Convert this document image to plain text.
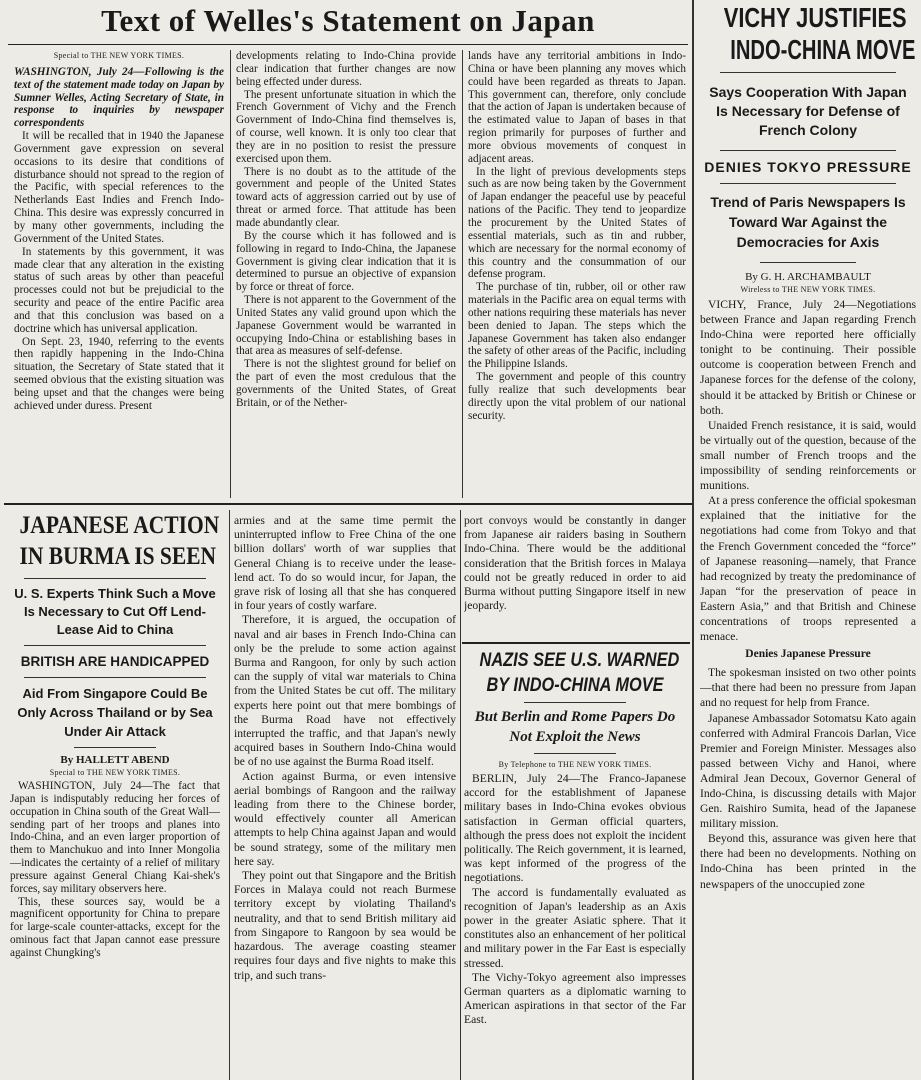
Text of Welles's Statement on Japan
Special to THE NEW YORK TIMES.

WASHINGTON, July 24—Following is the text of the statement made today on Japan by Sumner Welles, Acting Secretary of State, in response to inquiries by newspaper correspondents

It will be recalled that in 1940 the Japanese Government gave expression on several occasions to its desire that conditions of disturbance should not spread to the region of the Pacific, with special references to the Netherlands East Indies and French Indo-China. This desire was expressly concurred in by many other governments, including the Government of the United States.

In statements by this government, it was made clear that any alteration in the existing status of such areas by other than peaceful processes could not but be prejudicial to the security and peace of the entire Pacific area and that this conclusion was based on a doctrine which has universal application.

On Sept. 23, 1940, referring to the events then rapidly happening in the Indo-China situation, the Secretary of State stated that it seemed obvious that the existing situation was being upset and that the changes were being achieved under duress. Present

developments relating to Indo-China provide clear indication that further changes are now being effected under duress.

The present unfortunate situation in which the French Government of Vichy and the French Government of Indo-China find themselves is, of course, well known. It is only too clear that they are in no position to resist the pressure exercised upon them.

There is no doubt as to the attitude of the government and people of the United States toward acts of aggression carried out by use of threat or armed force. That attitude has been made abundantly clear.

By the course which it has followed and is following in regard to Indo-China, the Japanese Government is giving clear indication that it is determined to pursue an objective of expansion by force or threat of force.

There is not apparent to the Government of the United States any valid ground upon which the Japanese Government would be warranted in occupying Indo-China or establishing bases in that area as measures of self-defense.

There is not the slightest ground for belief on the part of even the most credulous that the governments of the United States, of Great Britain, or of the Nether-

lands have any territorial ambitions in Indo-China or have been planning any moves which could have been regarded as threats to Japan. This government can, therefore, only conclude that the action of Japan is undertaken because of the estimated value to Japan of bases in that region primarily for purposes of further and more obvious movements of conquest in adjacent areas.

In the light of previous developments steps such as are now being taken by the Government of Japan endanger the peaceful use by peaceful nations of the Pacific. They tend to jeopardize the procurement by the United States of essential materials, such as tin and rubber, which are necessary for the normal economy of this country and the consummation of our defense program.

The purchase of tin, rubber, oil or other raw materials in the Pacific area on equal terms with other nations requiring these materials has never been denied to Japan. The steps which the Japanese Government has taken also endanger the safety of other areas of the Pacific, including the Philippine Islands.

The government and people of this country fully realize that such developments bear directly upon the vital problem of our national security.

VICHY JUSTIFIES
INDO-CHINA MOVE
Says Cooperation With Japan Is Necessary for Defense of French Colony
DENIES TOKYO PRESSURE
Trend of Paris Newspapers Is Toward War Against the Democracies for Axis
By G. H. ARCHAMBAULT
Wireless to THE NEW YORK TIMES.

VICHY, France, July 24—Negotiations between France and Japan regarding French Indo-China were reported here officially tonight to be continuing. Their possible outcome is cooperation between French and Japanese forces for the defense of the colony, should it be attacked by British or Chinese or both.

Unaided French resistance, it is said, would be virtually out of the question, because of the small number of French troops and the impossibility of sending reinforcements or munitions.

At a press conference the official spokesman explained that the initiative for the negotiations had come from Tokyo and that the French Government conceded the “force” of Japanese reasoning—namely, that France had recognized by treaty the predominance of Japan “for the preservation of peace in Eastern Asia,” and that British and Chinese concentrations of troops represented a menace.

Denies Japanese Pressure

The spokesman insisted on two other points—that there had been no pressure from Japan and no request for help from France.

Japanese Ambassador Sotomatsu Kato again conferred with Admiral Francois Darlan, Vice Premier and Foreign Minister. Messages also passed between Vichy and Hanoi, where Admiral Jean Decoux, Governor General of Indo-China, is discussing details with Major Gen. Raishiro Sumita, head of the Japanese military mission.

Beyond this, assurance was given here that there had been no developments. Nothing on Indo-China has been printed in the newspapers of the unoccupied zone

JAPANESE ACTION
IN BURMA IS SEEN
U. S. Experts Think Such a Move Is Necessary to Cut Off Lend-Lease Aid to China
BRITISH ARE HANDICAPPED
Aid From Singapore Could Be Only Across Thailand or by Sea Under Air Attack
By HALLETT ABEND
Special to THE NEW YORK TIMES.

WASHINGTON, July 24—The fact that Japan is indisputably reducing her forces of occupation in China south of the Great Wall—sending part of her troops and planes into Indo-China, and an even larger proportion of them to Manchukuo and into Inner Mongolia—indicates the certainty of a relief of military pressure against General Chiang Kai-shek's forces, say military observers here.

This, these sources say, would be a magnificent opportunity for China to prepare for large-scale counter-attacks, except for the ominous fact that Japan cannot ease pressure against Chungking's

armies and at the same time permit the uninterrupted inflow to Free China of the one billion dollars' worth of war supplies that General Chiang is to receive under the lease-lend act. To do so would incur, for Japan, the grave risk of losing all that she has conquered in four years of costly warfare.

Therefore, it is argued, the occupation of naval and air bases in French Indo-China can only be the prelude to some action against Burma and Rangoon, for only by such action can the supply of vital war materials to China from the United States be cut off. The military experts here point out that mere bombings of the Burma Road have not effectively interrupted the traffic, and that Japan's newly acquired bases in Southern Indo-China would be of no use against the Burma Road itself.

Action against Burma, or even intensive aerial bombings of Rangoon and the railway leading from there to the Chinese border, would effectively counter all American attempts to help China against Japan and would be sound strategy, some of the military men here say.

They point out that Singapore and the British Forces in Malaya could not reach Burmese territory except by violating Thailand's neutrality, and that to send British military aid from Singapore to Rangoon by sea would be hazardous. The average coasting steamer requires four days and five nights to make this trip, and such trans-

port convoys would be constantly in danger from Japanese air raiders basing in Southern Indo-China. There would be the additional consideration that the British forces in Malaya could not be greatly reduced in order to aid Burma without putting Singapore itself in new jeopardy.

NAZIS SEE U.S. WARNED
BY INDO-CHINA MOVE
But Berlin and Rome Papers Do Not Exploit the News
By Telephone to THE NEW YORK TIMES.

BERLIN, July 24—The Franco-Japanese accord for the establishment of Japanese military bases in Indo-China evokes obvious satisfaction in German official quarters, although the press does not exploit the incident politically. The Reich government, it is learned, was kept informed of the progress of the negotiations.

The accord is fundamentally evaluated as recognition of Japan's leadership as an Axis power in the greater Asiatic sphere. That it constitutes also an enhancement of her political and military power in the Far East is especially stressed.

The Vichy-Tokyo agreement also impresses German quarters as a diplomatic warning to American aspirations in that sector of the Far East.
